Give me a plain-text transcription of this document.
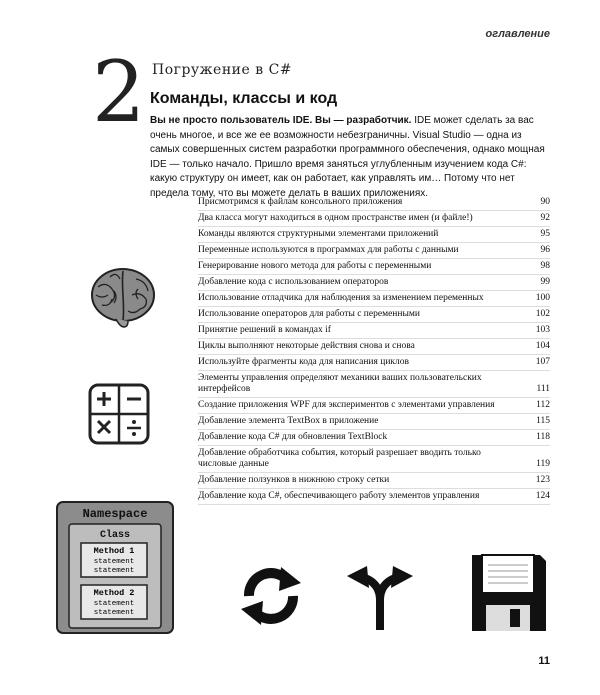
оглавление
2 Погружение в C#
Команды, классы и код
Вы не просто пользователь IDE. Вы — разработчик. IDE может сделать за вас очень многое, и все же ее возможности небезграничны. Visual Studio — одна из самых совершенных систем разработки программного обеспечения, однако мощная IDE — только начало. Пришло время заняться углубленным изучением кода C#: какую структуру он имеет, как он работает, как управлять им… Потому что нет предела тому, что вы можете делать в ваших приложениях.
Присмотримся к файлам консольного приложения	90
Два класса могут находиться в одном пространстве имен (и файле!)	92
Команды являются структурными элементами приложений	95
Переменные используются в программах для работы с данными	96
Генерирование нового метода для работы с переменными	98
Добавление кода с использованием операторов	99
Использование отладчика для наблюдения за изменением переменных	100
Использование операторов для работы с переменными	102
Принятие решений в командах if	103
Циклы выполняют некоторые действия снова и снова	104
Используйте фрагменты кода для написания циклов	107
Элементы управления определяют механики вашиx пользовательских интерфейсов	111
Создание приложения WPF для экспериментов с элементами управления	112
Добавление элемента TextBox в приложение	115
Добавление кода C# для обновления TextBlock	118
Добавление обработчика события, который разрешает вводить только числовые данные	119
Добавление ползунков в нижнюю строку сетки	123
Добавление кода C#, обеспечивающего работу элементов управления	124
Namespace
Class
Method 1
statement
statement
Method 2
statement
statement
11
